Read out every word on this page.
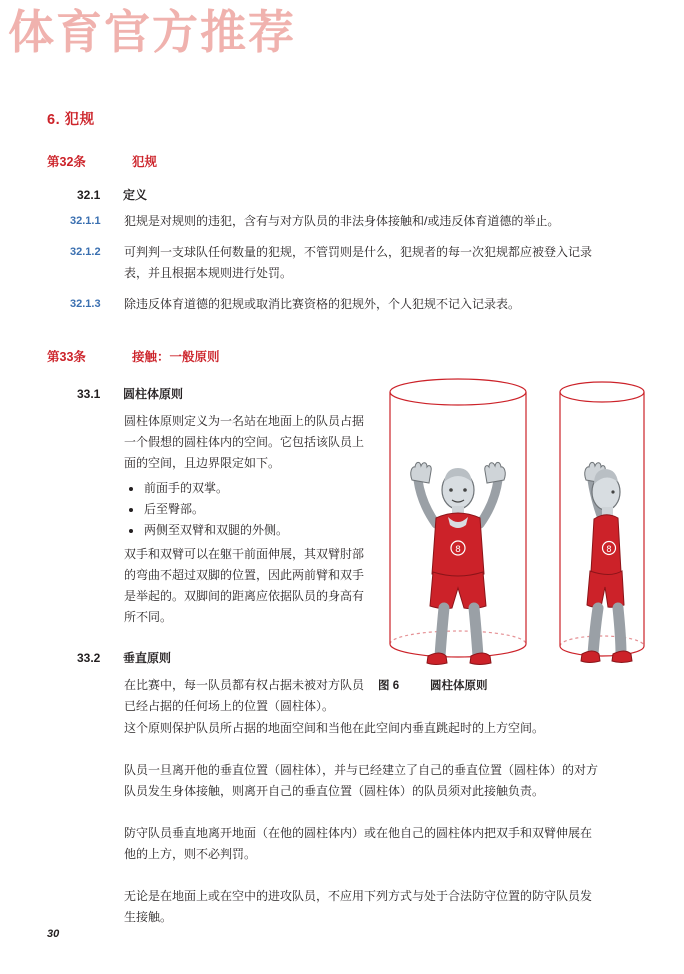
体育官方推荐
6. 犯规
第32条	犯规
32.1 定义
32.1.1	犯规是对规则的违犯，含有与对方队员的非法身体接触和/或违反体育道德的举止。
32.1.2	可判判一支球队任何数量的犯规，不管罚则是什么，犯规者的每一次犯规都应被登入记录表，并且根据本规则进行处罚。
32.1.3	除违反体育道德的犯规或取消比赛资格的犯规外，个人犯规不记入记录表。
第33条	接触：一般原则
33.1 圆柱体原则
圆柱体原则定义为一名站在地面上的队员占据一个假想的圆柱体内的空间。它包括该队员上面的空间，且边界限定如下。
前面手的双掌。
后至臀部。
两侧至双臂和双腿的外侧。
双手和双臂可以在躯干前面伸展，其双臂肘部的弯曲不超过双脚的位置，因此两前臂和双手是举起的。双脚间的距离应依据队员的身高有所不同。
33.2 垂直原则
在比赛中，每一队员都有权占据未被对方队员已经占据的任何场上的位置（圆柱体）。
这个原则保护队员所占据的地面空间和当他在此空间内垂直跳起时的上方空间。
队员一旦离开他的垂直位置（圆柱体），并与已经建立了自己的垂直位置（圆柱体）的对方队员发生身体接触，则离开自己的垂直位置（圆柱体）的队员须对此接触负责。
防守队员垂直地离开地面（在他的圆柱体内）或在他自己的圆柱体内把双手和双臂伸展在他的上方，则不必判罚。
无论是在地面上或在空中的进攻队员，不应用下列方式与处于合法防守位置的防守队员发生接触。
8	8
图 6	圆柱体原则
30
